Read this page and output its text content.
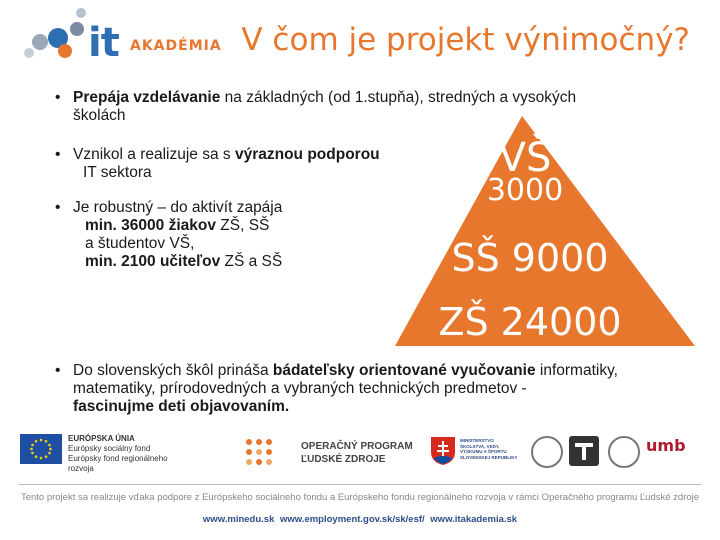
it AKADÉMIA V čom je projekt výnimočný?
• Prepája vzdelávanie na základných (od 1.stupňa), stredných a vysokých
školách
• Vznikol a realizuje sa s výraznou podporou
IT sektora
• Je robustný – do aktivít zapája
min. 36000 žiakov ZŠ, SŠ
a študentov VŠ,
min. 2100 učiteľov ZŠ a SŠ
VŠ
3000
SŠ 9000
ZŠ 24000
• Do slovenských škôl prináša bádateľsky orientované vyučovanie informatiky,
matematiky, prírodovedných a vybraných technických predmetov -
fascinujme deti objavovaním.
EURÓPSKA ÚNIA
Európsky sociálny fond
Európsky fond regionálneho rozvoja
OPERAČNÝ PROGRAM
ĽUDSKÉ ZDROJE
MINISTERSTVO ŠKOLSTVA, VEDY, VÝSKUMU A ŠPORTU SLOVENSKEJ REPUBLIKY
umb
Tento projekt sa realizuje vďaka podpore z Európskeho sociálneho fondu a Európskeho fondu regionálneho rozvoja v rámci Operačného programu Ľudské zdroje
www.minedu.sk www.employment.gov.sk/sk/esf/ www.itakademia.sk
